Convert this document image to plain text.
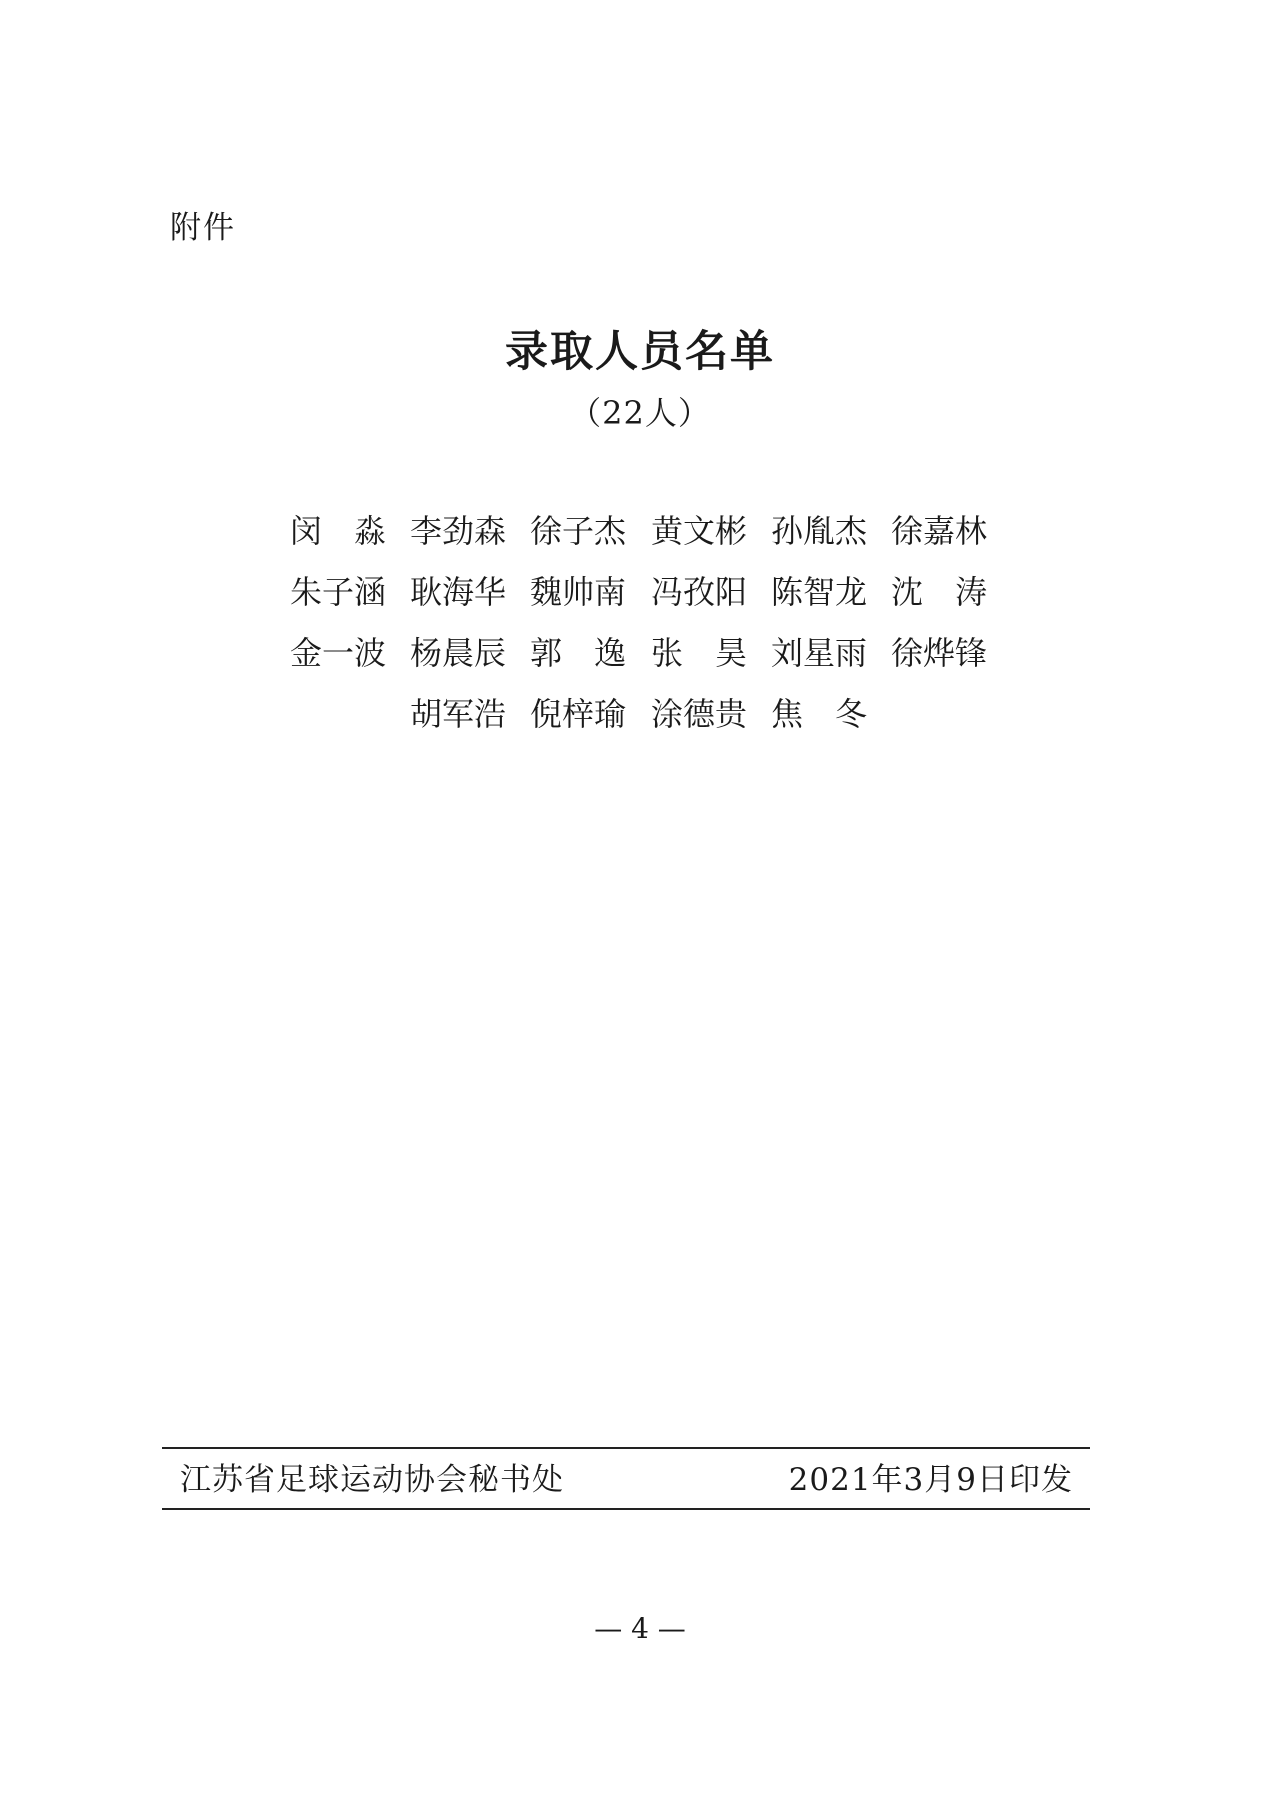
附件
录取人员名单
（22人）
闵　淼 李劲森 徐子杰 黄文彬 孙胤杰 徐嘉林
朱子涵 耿海华 魏帅南 冯孜阳 陈智龙 沈　涛
金一波 杨晨辰 郭　逸 张　昊 刘星雨 徐烨锋
胡军浩 倪梓瑜 涂德贵 焦　冬
江苏省足球运动协会秘书处	2021年3月9日印发
— 4 —
